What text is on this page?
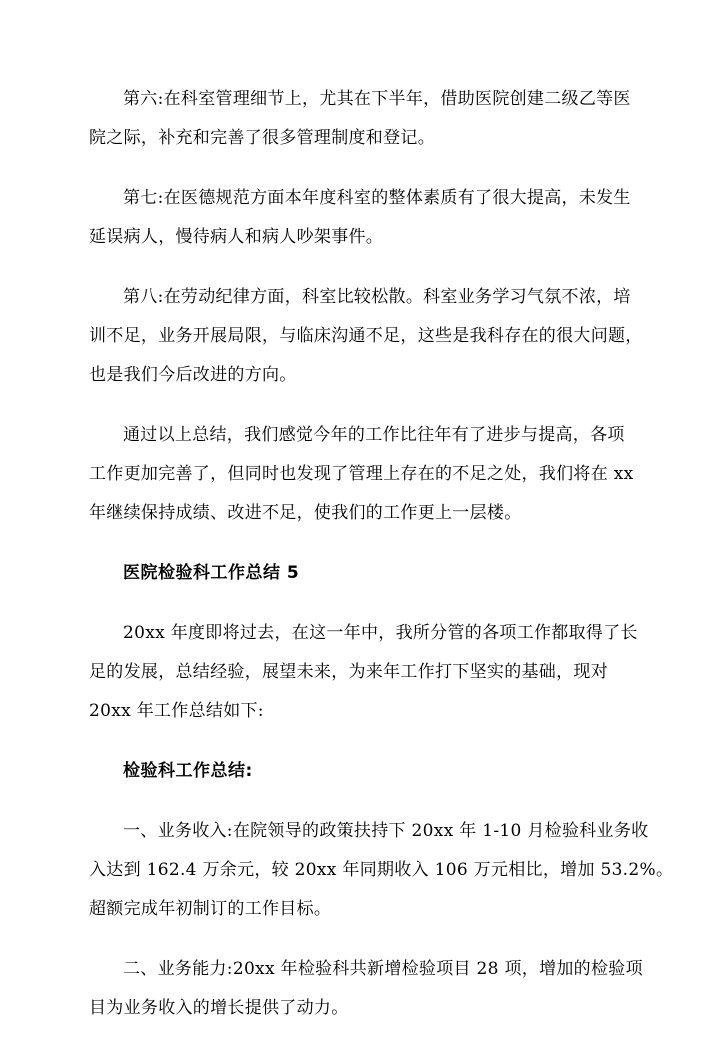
第六:在科室管理细节上，尤其在下半年，借助医院创建二级乙等医
院之际，补充和完善了很多管理制度和登记。

第七:在医德规范方面本年度科室的整体素质有了很大提高，未发生
延误病人，慢待病人和病人吵架事件。

第八:在劳动纪律方面，科室比较松散。科室业务学习气氛不浓，培
训不足，业务开展局限，与临床沟通不足，这些是我科存在的很大问题，
也是我们今后改进的方向。

通过以上总结，我们感觉今年的工作比往年有了进步与提高，各项
工作更加完善了，但同时也发现了管理上存在的不足之处，我们将在 xx
年继续保持成绩、改进不足，使我们的工作更上一层楼。

医院检验科工作总结 5

20xx 年度即将过去，在这一年中，我所分管的各项工作都取得了长
足的发展，总结经验，展望未来，为来年工作打下坚实的基础，现对
20xx 年工作总结如下:

检验科工作总结:

一、业务收入:在院领导的政策扶持下 20xx 年 1-10 月检验科业务收
入达到 162.4 万余元，较 20xx 年同期收入 106 万元相比，增加 53.2%。
超额完成年初制订的工作目标。

二、业务能力:20xx 年检验科共新增检验项目 28 项，增加的检验项
目为业务收入的增长提供了动力。
